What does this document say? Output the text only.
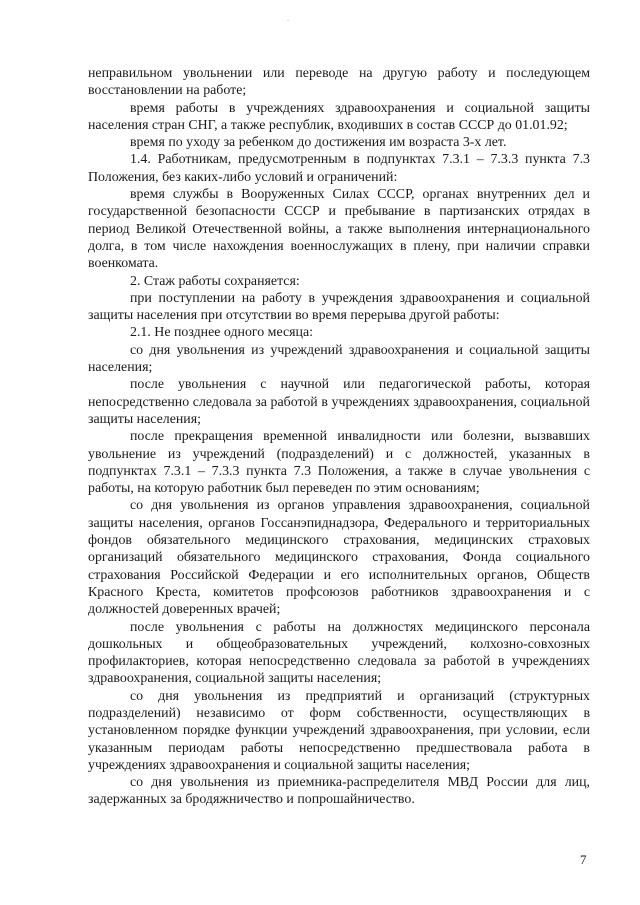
.

неправильном увольнении или переводе на другую работу и последующем восстановлении на работе;

время работы в учреждениях здравоохранения и социальной защиты населения стран СНГ, а также республик, входивших в состав СССР до 01.01.92;

время по уходу за ребенком до достижения им возраста 3-х лет.

1.4. Работникам, предусмотренным в подпунктах 7.3.1 – 7.3.3 пункта 7.3 Положения, без каких-либо условий и ограничений:

время службы в Вооруженных Силах СССР, органах внутренних дел и государственной безопасности СССР и пребывание в партизанских отрядах в период Великой Отечественной войны, а также выполнения интернационального долга, в том числе нахождения военнослужащих в плену, при наличии справки военкомата.

2. Стаж работы сохраняется:

при поступлении на работу в учреждения здравоохранения и социальной защиты населения при отсутствии во время перерыва другой работы:

2.1. Не позднее одного месяца:

со дня увольнения из учреждений здравоохранения и социальной защиты населения;

после увольнения с научной или педагогической работы, которая непосредственно следовала за работой в учреждениях здравоохранения, социальной защиты населения;

после прекращения временной инвалидности или болезни, вызвавших увольнение из учреждений (подразделений) и с должностей, указанных в подпунктах 7.3.1 – 7.3.3 пункта 7.3 Положения, а также в случае увольнения с работы, на которую работник был переведен по этим основаниям;

со дня увольнения из органов управления здравоохранения, социальной защиты населения, органов Госсанэпиднадзора, Федерального и территориальных фондов обязательного медицинского страхования, медицинских страховых организаций обязательного медицинского страхования, Фонда социального страхования Российской Федерации и его исполнительных органов, Обществ Красного Креста, комитетов профсоюзов работников здравоохранения и с должностей доверенных врачей;

после увольнения с работы на должностях медицинского персонала дошкольных и общеобразовательных учреждений, колхозно-совхозных профилакториев, которая непосредственно следовала за работой в учреждениях здравоохранения, социальной защиты населения;

со дня увольнения из предприятий и организаций (структурных подразделений) независимо от форм собственности, осуществляющих в установленном порядке функции учреждений здравоохранения, при условии, если указанным периодам работы непосредственно предшествовала работа в учреждениях здравоохранения и социальной защиты населения;

со дня увольнения из приемника-распределителя МВД России для лиц, задержанных за бродяжничество и попрошайничество.

7
